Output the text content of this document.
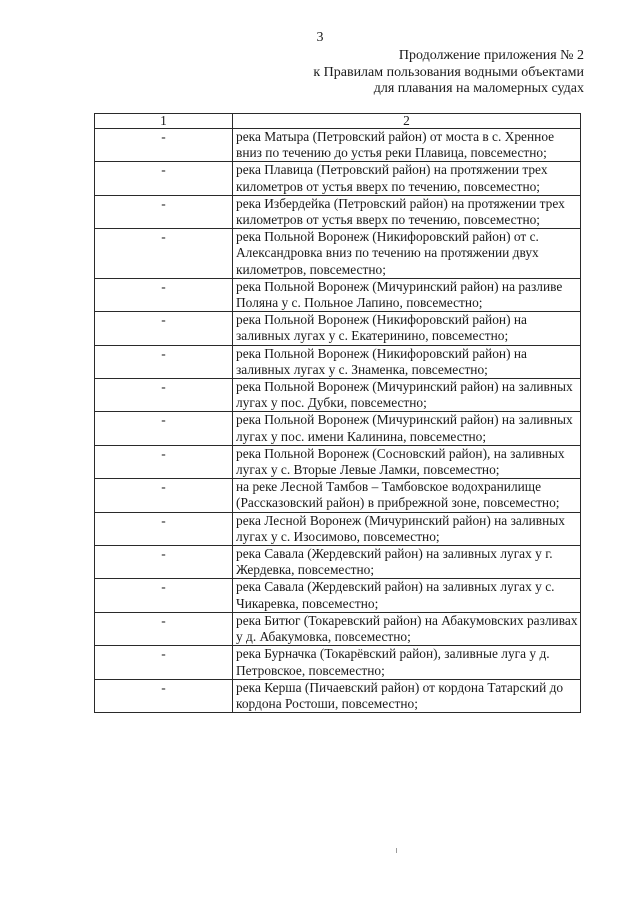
3
Продолжение приложения № 2
к Правилам пользования водными объектами
для плавания на маломерных судах
1	2
-	река Матыра (Петровский район) от моста в с. Хренное вниз по течению до устья реки Плавица, повсеместно;
-	река Плавица (Петровский район) на протяжении трех километров от устья вверх по течению, повсеместно;
-	река Избердейка (Петровский район) на протяжении трех километров от устья вверх по течению, повсеместно;
-	река Польной Воронеж (Никифоровский район) от с. Александровка вниз по течению на протяжении двух километров, повсеместно;
-	река Польной Воронеж (Мичуринский район) на разливе Поляна у с. Польное Лапино, повсеместно;
-	река Польной Воронеж (Никифоровский район) на заливных лугах у с. Екатеринино, повсеместно;
-	река Польной Воронеж (Никифоровский район) на заливных лугах у с. Знаменка, повсеместно;
-	река Польной Воронеж (Мичуринский район) на заливных лугах у пос. Дубки, повсеместно;
-	река Польной Воронеж (Мичуринский район) на заливных лугах у пос. имени Калинина, повсеместно;
-	река Польной Воронеж (Сосновский район), на заливных лугах у с. Вторые Левые Ламки, повсеместно;
-	на реке Лесной Тамбов – Тамбовское водохранилище (Рассказовский район) в прибрежной зоне, повсеместно;
-	река Лесной Воронеж (Мичуринский район) на заливных лугах у с. Изосимово, повсеместно;
-	река Савала (Жердевский район) на заливных лугах у г. Жердевка, повсеместно;
-	река Савала (Жердевский район) на заливных лугах у с. Чикаревка, повсеместно;
-	река Битюг (Токаревский район) на Абакумовских разливах у д. Абакумовка, повсеместно;
-	река Бурначка (Токарёвский район), заливные луга у д. Петровское, повсеместно;
-	река Керша (Пичаевский район) от кордона Татарский до кордона Ростоши, повсеместно;
